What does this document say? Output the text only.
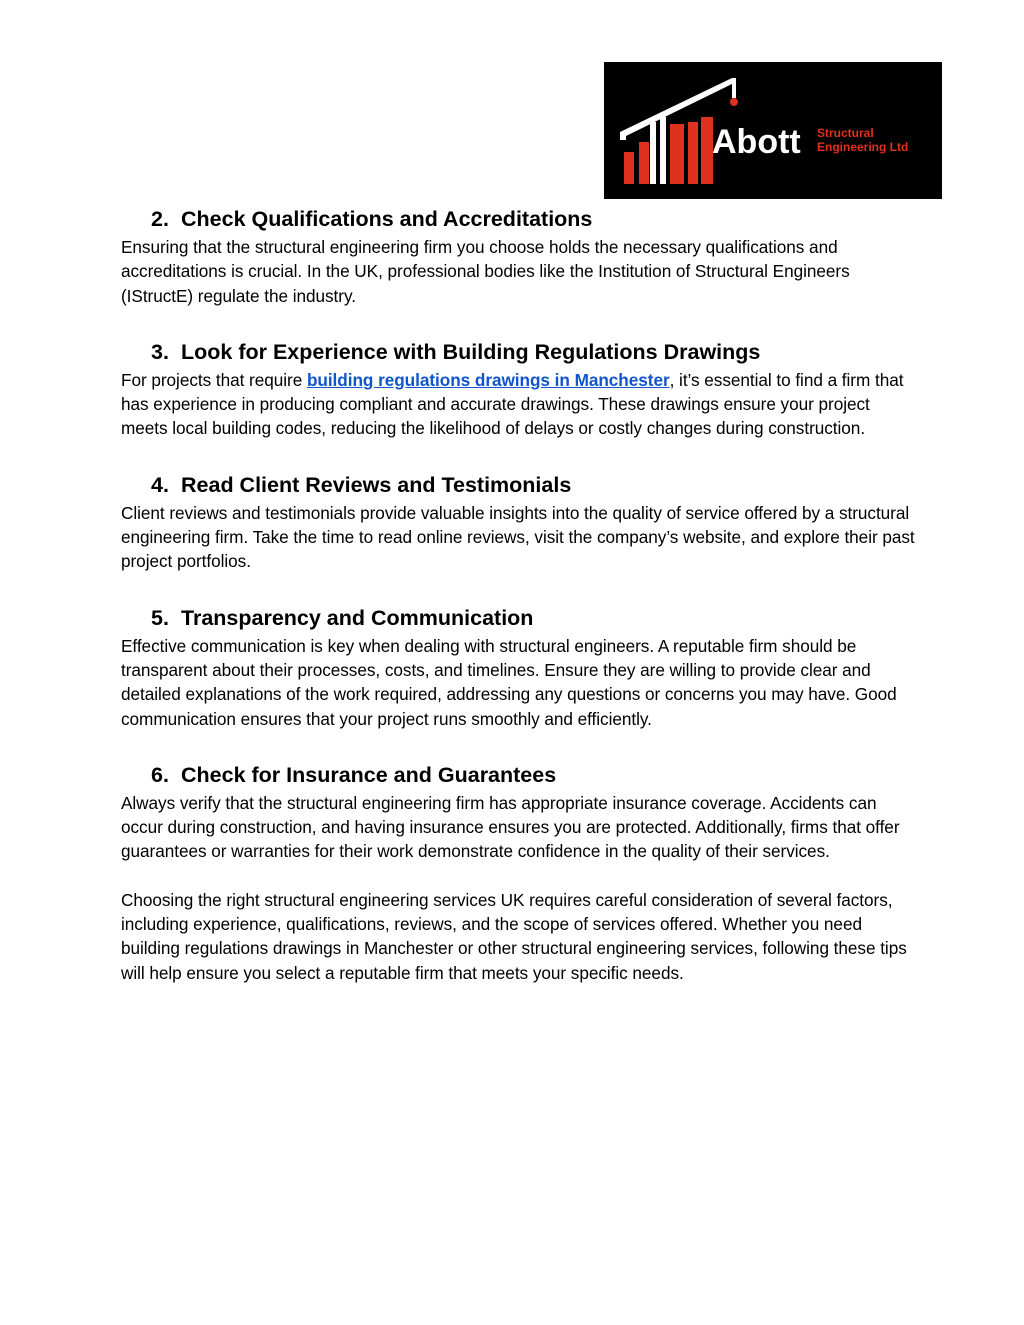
Abott Structural
Engineering Ltd
2. Check Qualifications and Accreditations

Ensuring that the structural engineering firm you choose holds the necessary qualifications and accreditations is crucial. In the UK, professional bodies like the Institution of Structural Engineers (IStructE) regulate the industry.

3. Look for Experience with Building Regulations Drawings

For projects that require building regulations drawings in Manchester, it’s essential to find a firm that has experience in producing compliant and accurate drawings. These drawings ensure your project meets local building codes, reducing the likelihood of delays or costly changes during construction.

4. Read Client Reviews and Testimonials

Client reviews and testimonials provide valuable insights into the quality of service offered by a structural engineering firm. Take the time to read online reviews, visit the company’s website, and explore their past project portfolios.

5. Transparency and Communication

Effective communication is key when dealing with structural engineers. A reputable firm should be transparent about their processes, costs, and timelines. Ensure they are willing to provide clear and detailed explanations of the work required, addressing any questions or concerns you may have. Good communication ensures that your project runs smoothly and efficiently.

6. Check for Insurance and Guarantees

Always verify that the structural engineering firm has appropriate insurance coverage. Accidents can occur during construction, and having insurance ensures you are protected. Additionally, firms that offer guarantees or warranties for their work demonstrate confidence in the quality of their services.

Choosing the right structural engineering services UK requires careful consideration of several factors, including experience, qualifications, reviews, and the scope of services offered. Whether you need building regulations drawings in Manchester or other structural engineering services, following these tips will help ensure you select a reputable firm that meets your specific needs.
